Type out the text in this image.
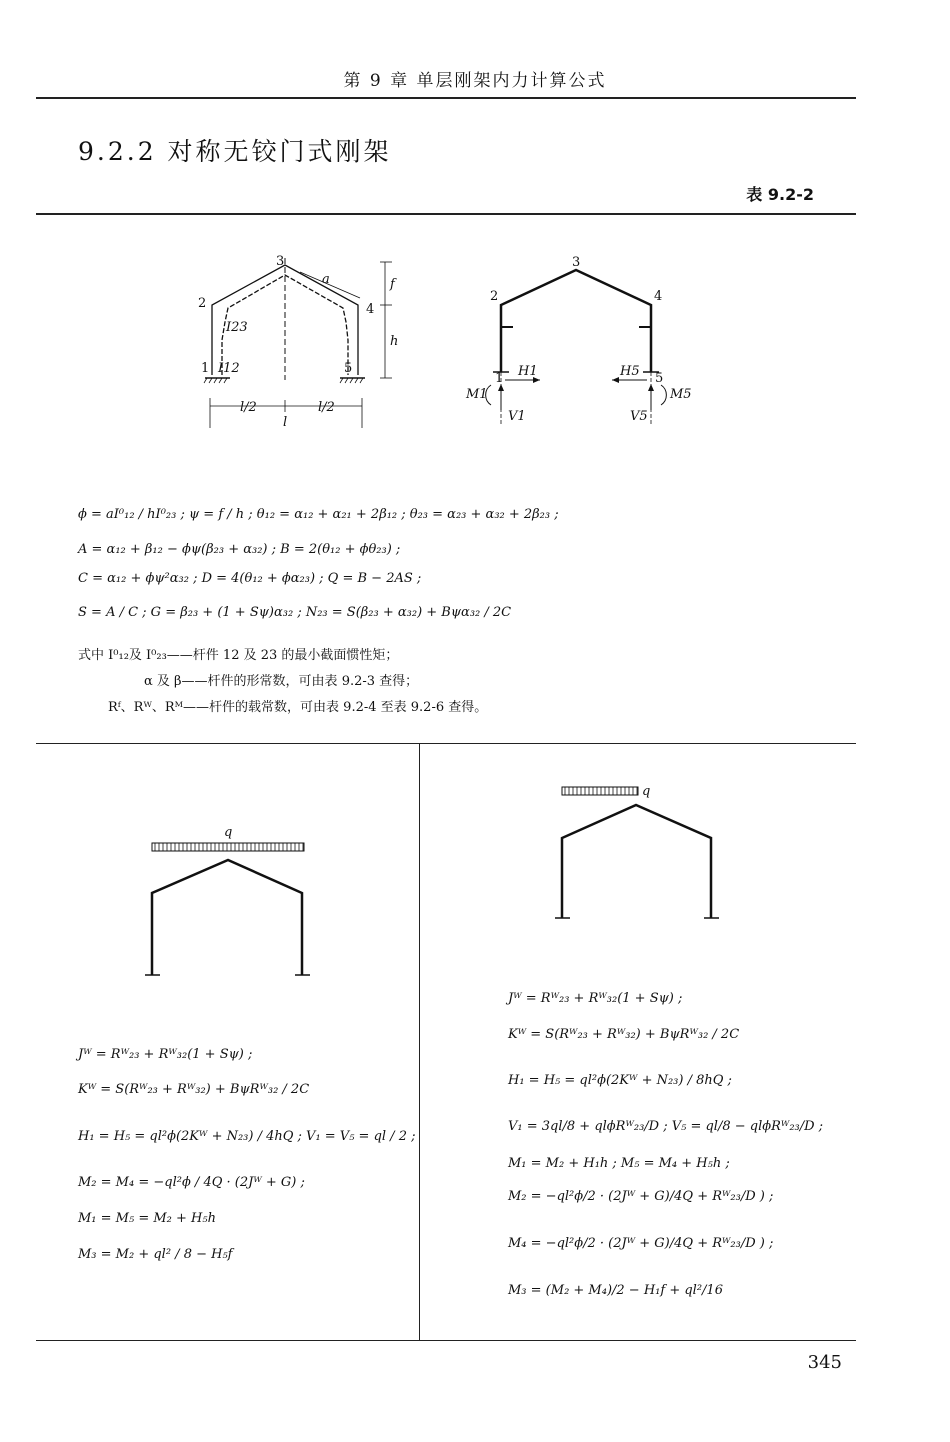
第 9 章 单层刚架内力计算公式
9.2.2 对称无铰门式刚架
表 9.2-2
3
2	4
1	5
a	f
h
I23
I12
l/2	l/2
l
3
2	4
1	5
M1
H1
V1
H5
M5
V5
ϕ = aI⁰₁₂ / hI⁰₂₃ ; ψ = f / h ; θ₁₂ = α₁₂ + α₂₁ + 2β₁₂ ; θ₂₃ = α₂₃ + α₃₂ + 2β₂₃ ;
A = α₁₂ + β₁₂ − ϕψ(β₂₃ + α₃₂) ; B = 2(θ₁₂ + ϕθ₂₃) ;
C = α₁₂ + ϕψ²α₃₂ ; D = 4(θ₁₂ + ϕα₂₃) ; Q = B − 2AS ;
S = A / C ; G = β₂₃ + (1 + Sψ)α₃₂ ; N₂₃ = S(β₂₃ + α₃₂) + Bψα₃₂ / 2C
式中 I⁰₁₂及 I⁰₂₃——杆件 12 及 23 的最小截面惯性矩；
α 及 β——杆件的形常数，可由表 9.2-3 查得；
Rᶠ、Rᵂ、Rᴹ——杆件的载常数，可由表 9.2-4 至表 9.2-6 查得。
q
q
Jᵂ = Rᵂ₂₃ + Rᵂ₃₂(1 + Sψ) ;
Kᵂ = S(Rᵂ₂₃ + Rᵂ₃₂) + BψRᵂ₃₂ / 2C
H₁ = H₅ = ql²ϕ(2Kᵂ + N₂₃) / 4hQ ; V₁ = V₅ = ql / 2 ;
M₂ = M₄ = −ql²ϕ / 4Q · (2Jᵂ + G) ;
M₁ = M₅ = M₂ + H₅h
M₃ = M₂ + ql² / 8 − H₅f
Jᵂ = Rᵂ₂₃ + Rᵂ₃₂(1 + Sψ) ;
Kᵂ = S(Rᵂ₂₃ + Rᵂ₃₂) + BψRᵂ₃₂ / 2C
H₁ = H₅ = ql²ϕ(2Kᵂ + N₂₃) / 8hQ ;
V₁ = 3ql/8 + qlϕRᵂ₂₃/D ; V₅ = ql/8 − qlϕRᵂ₂₃/D ;
M₁ = M₂ + H₁h ; M₅ = M₄ + H₅h ;
M₂ = −ql²ϕ/2 · (2Jᵂ + G)/4Q + Rᵂ₂₃/D ) ;
M₄ = −ql²ϕ/2 · (2Jᵂ + G)/4Q + Rᵂ₂₃/D ) ;
M₃ = (M₂ + M₄)/2 − H₁f + ql²/16
345
